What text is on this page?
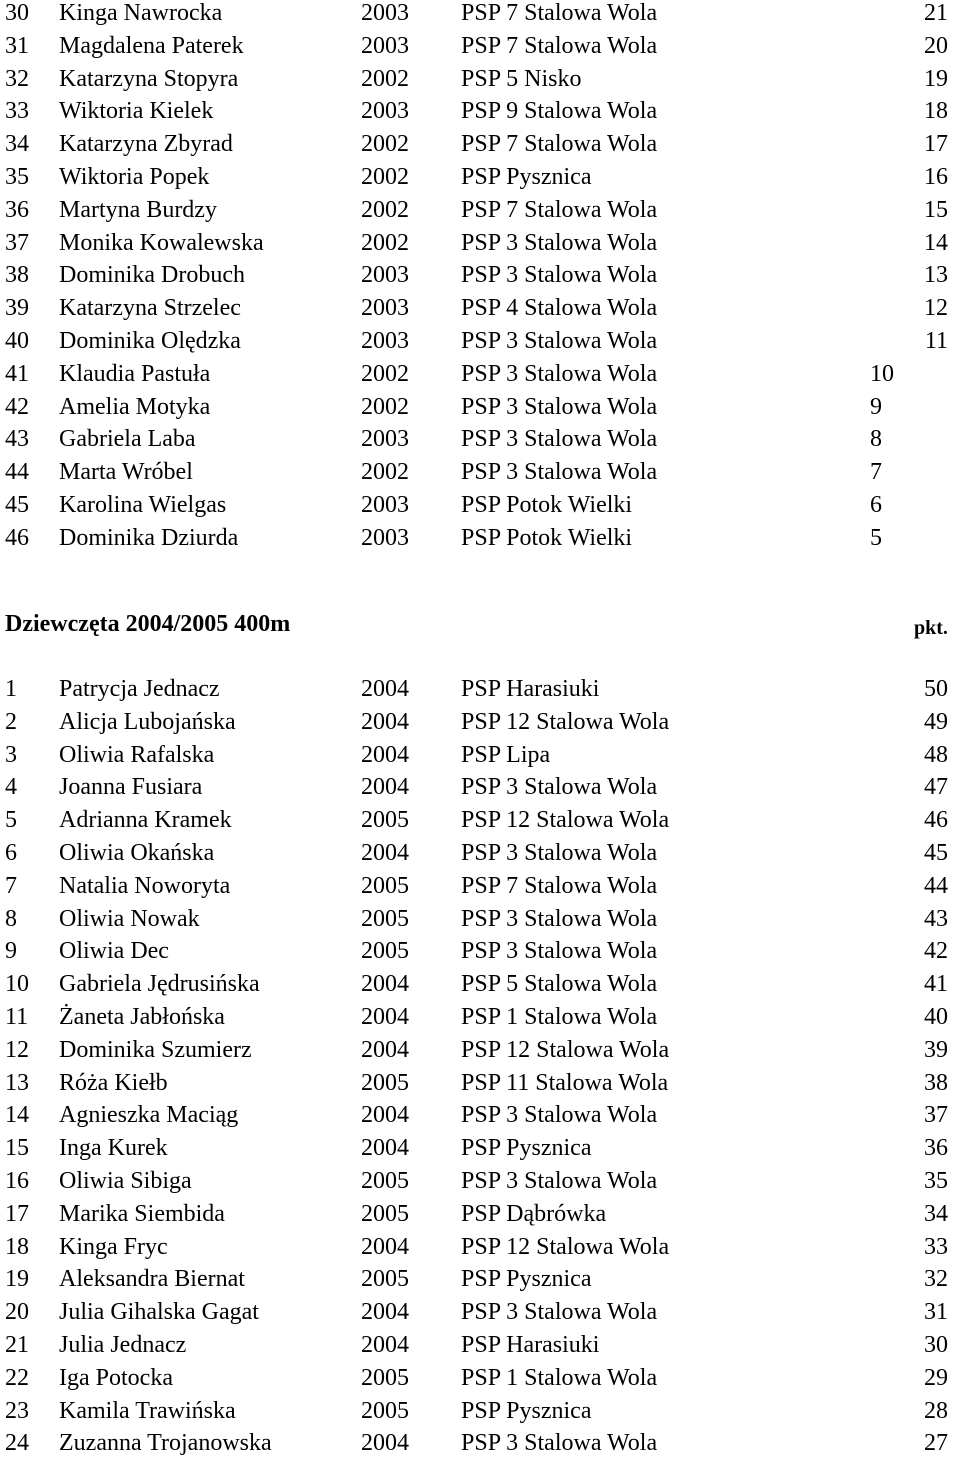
30 Kinga Nawrocka	2003 PSP 7 Stalowa Wola	21
31 Magdalena Paterek	2003 PSP 7 Stalowa Wola	20
32 Katarzyna Stopyra	2002 PSP 5 Nisko	19
33 Wiktoria Kielek	2003 PSP 9 Stalowa Wola	18
34 Katarzyna Zbyrad	2002 PSP 7 Stalowa Wola	17
35 Wiktoria Popek	2002 PSP Pysznica	16
36 Martyna Burdzy	2002 PSP 7 Stalowa Wola	15
37 Monika Kowalewska	2002 PSP 3 Stalowa Wola	14
38 Dominika Drobuch	2003 PSP 3 Stalowa Wola	13
39 Katarzyna Strzelec	2003 PSP 4 Stalowa Wola	12
40 Dominika Olędzka	2003 PSP 3 Stalowa Wola	11
41 Klaudia Pastuła	2002 PSP 3 Stalowa Wola	10
42 Amelia Motyka	2002 PSP 3 Stalowa Wola	9
43 Gabriela Laba	2003 PSP 3 Stalowa Wola	8
44 Marta Wróbel	2002 PSP 3 Stalowa Wola	7
45 Karolina Wielgas	2003 PSP Potok Wielki	6
46 Dominika Dziurda	2003 PSP Potok Wielki	5
Dziewczęta 2004/2005 400m	pkt.
1 Patrycja Jednacz	2004 PSP Harasiuki	50
2 Alicja Lubojańska	2004 PSP 12 Stalowa Wola	49
3 Oliwia Rafalska	2004 PSP Lipa	48
4 Joanna Fusiara	2004 PSP 3 Stalowa Wola	47
5 Adrianna Kramek	2005 PSP 12 Stalowa Wola	46
6 Oliwia Okańska	2004 PSP 3 Stalowa Wola	45
7 Natalia Noworyta	2005 PSP 7 Stalowa Wola	44
8 Oliwia Nowak	2005 PSP 3 Stalowa Wola	43
9 Oliwia Dec	2005 PSP 3 Stalowa Wola	42
10 Gabriela Jędrusińska	2004 PSP 5 Stalowa Wola	41
11 Żaneta Jabłońska	2004 PSP 1 Stalowa Wola	40
12 Dominika Szumierz	2004 PSP 12 Stalowa Wola	39
13 Róża Kiełb	2005 PSP 11 Stalowa Wola	38
14 Agnieszka Maciąg	2004 PSP 3 Stalowa Wola	37
15 Inga Kurek	2004 PSP Pysznica	36
16 Oliwia Sibiga	2005 PSP 3 Stalowa Wola	35
17 Marika Siembida	2005 PSP Dąbrówka	34
18 Kinga Fryc	2004 PSP 12 Stalowa Wola	33
19 Aleksandra Biernat	2005 PSP Pysznica	32
20 Julia Gihalska Gagat	2004 PSP 3 Stalowa Wola	31
21 Julia Jednacz	2004 PSP Harasiuki	30
22 Iga Potocka	2005 PSP 1 Stalowa Wola	29
23 Kamila Trawińska	2005 PSP Pysznica	28
24 Zuzanna Trojanowska	2004 PSP 3 Stalowa Wola	27
